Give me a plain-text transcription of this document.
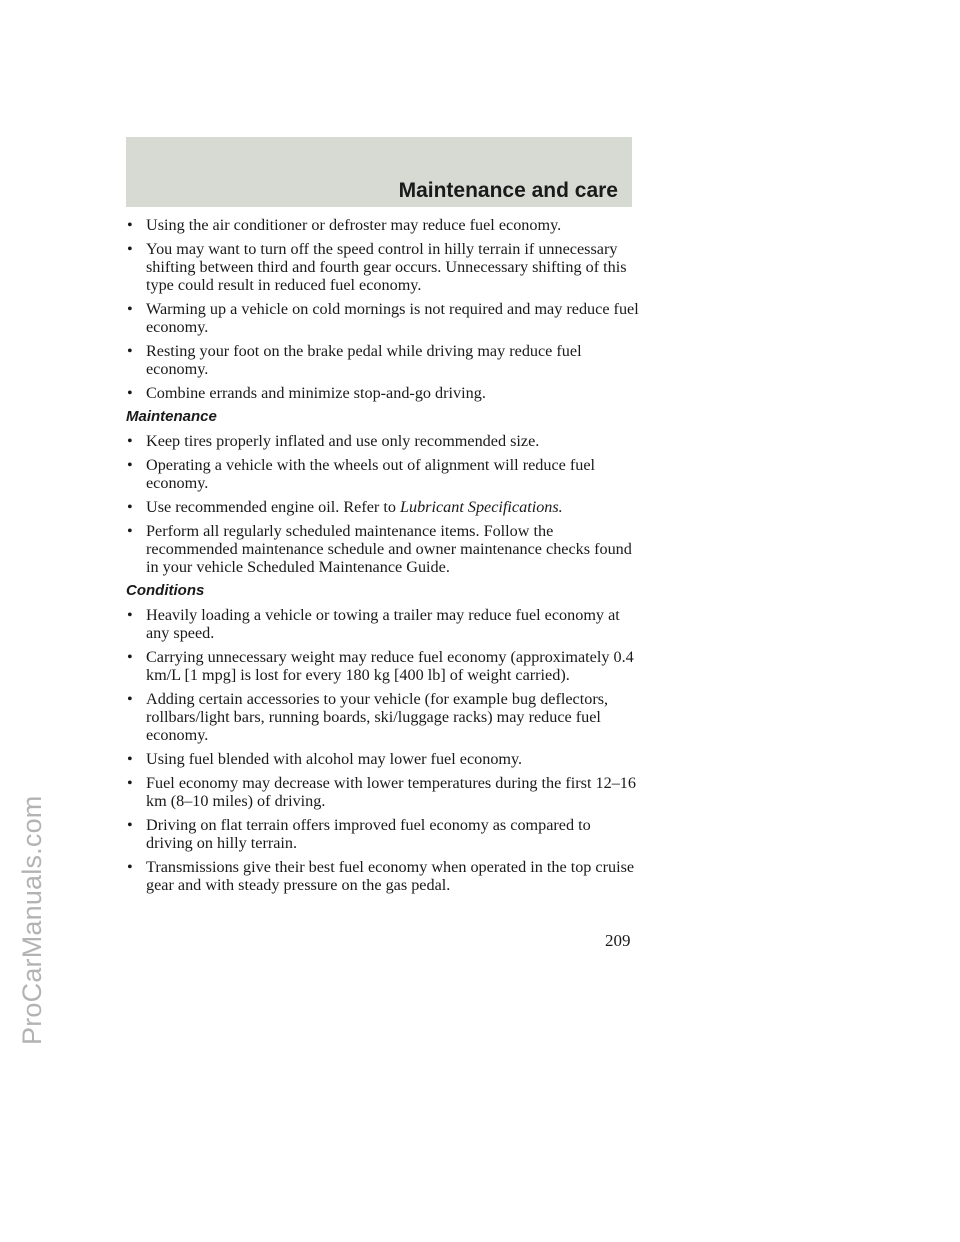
Maintenance and care
ProCarManuals.com
• Using the air conditioner or defroster may reduce fuel economy.
• You may want to turn off the speed control in hilly terrain if unnecessary shifting between third and fourth gear occurs. Unnecessary shifting of this type could result in reduced fuel economy.
• Warming up a vehicle on cold mornings is not required and may reduce fuel economy.
• Resting your foot on the brake pedal while driving may reduce fuel economy.
• Combine errands and minimize stop-and-go driving.
Maintenance
• Keep tires properly inflated and use only recommended size.
• Operating a vehicle with the wheels out of alignment will reduce fuel economy.
• Use recommended engine oil. Refer to Lubricant Specifications.
• Perform all regularly scheduled maintenance items. Follow the recommended maintenance schedule and owner maintenance checks found in your vehicle Scheduled Maintenance Guide.
Conditions
• Heavily loading a vehicle or towing a trailer may reduce fuel economy at any speed.
• Carrying unnecessary weight may reduce fuel economy (approximately 0.4 km/L [1 mpg] is lost for every 180 kg [400 lb] of weight carried).
• Adding certain accessories to your vehicle (for example bug deflectors, rollbars/light bars, running boards, ski/luggage racks) may reduce fuel economy.
• Using fuel blended with alcohol may lower fuel economy.
• Fuel economy may decrease with lower temperatures during the first 12–16 km (8–10 miles) of driving.
• Driving on flat terrain offers improved fuel economy as compared to driving on hilly terrain.
• Transmissions give their best fuel economy when operated in the top cruise gear and with steady pressure on the gas pedal.
209
